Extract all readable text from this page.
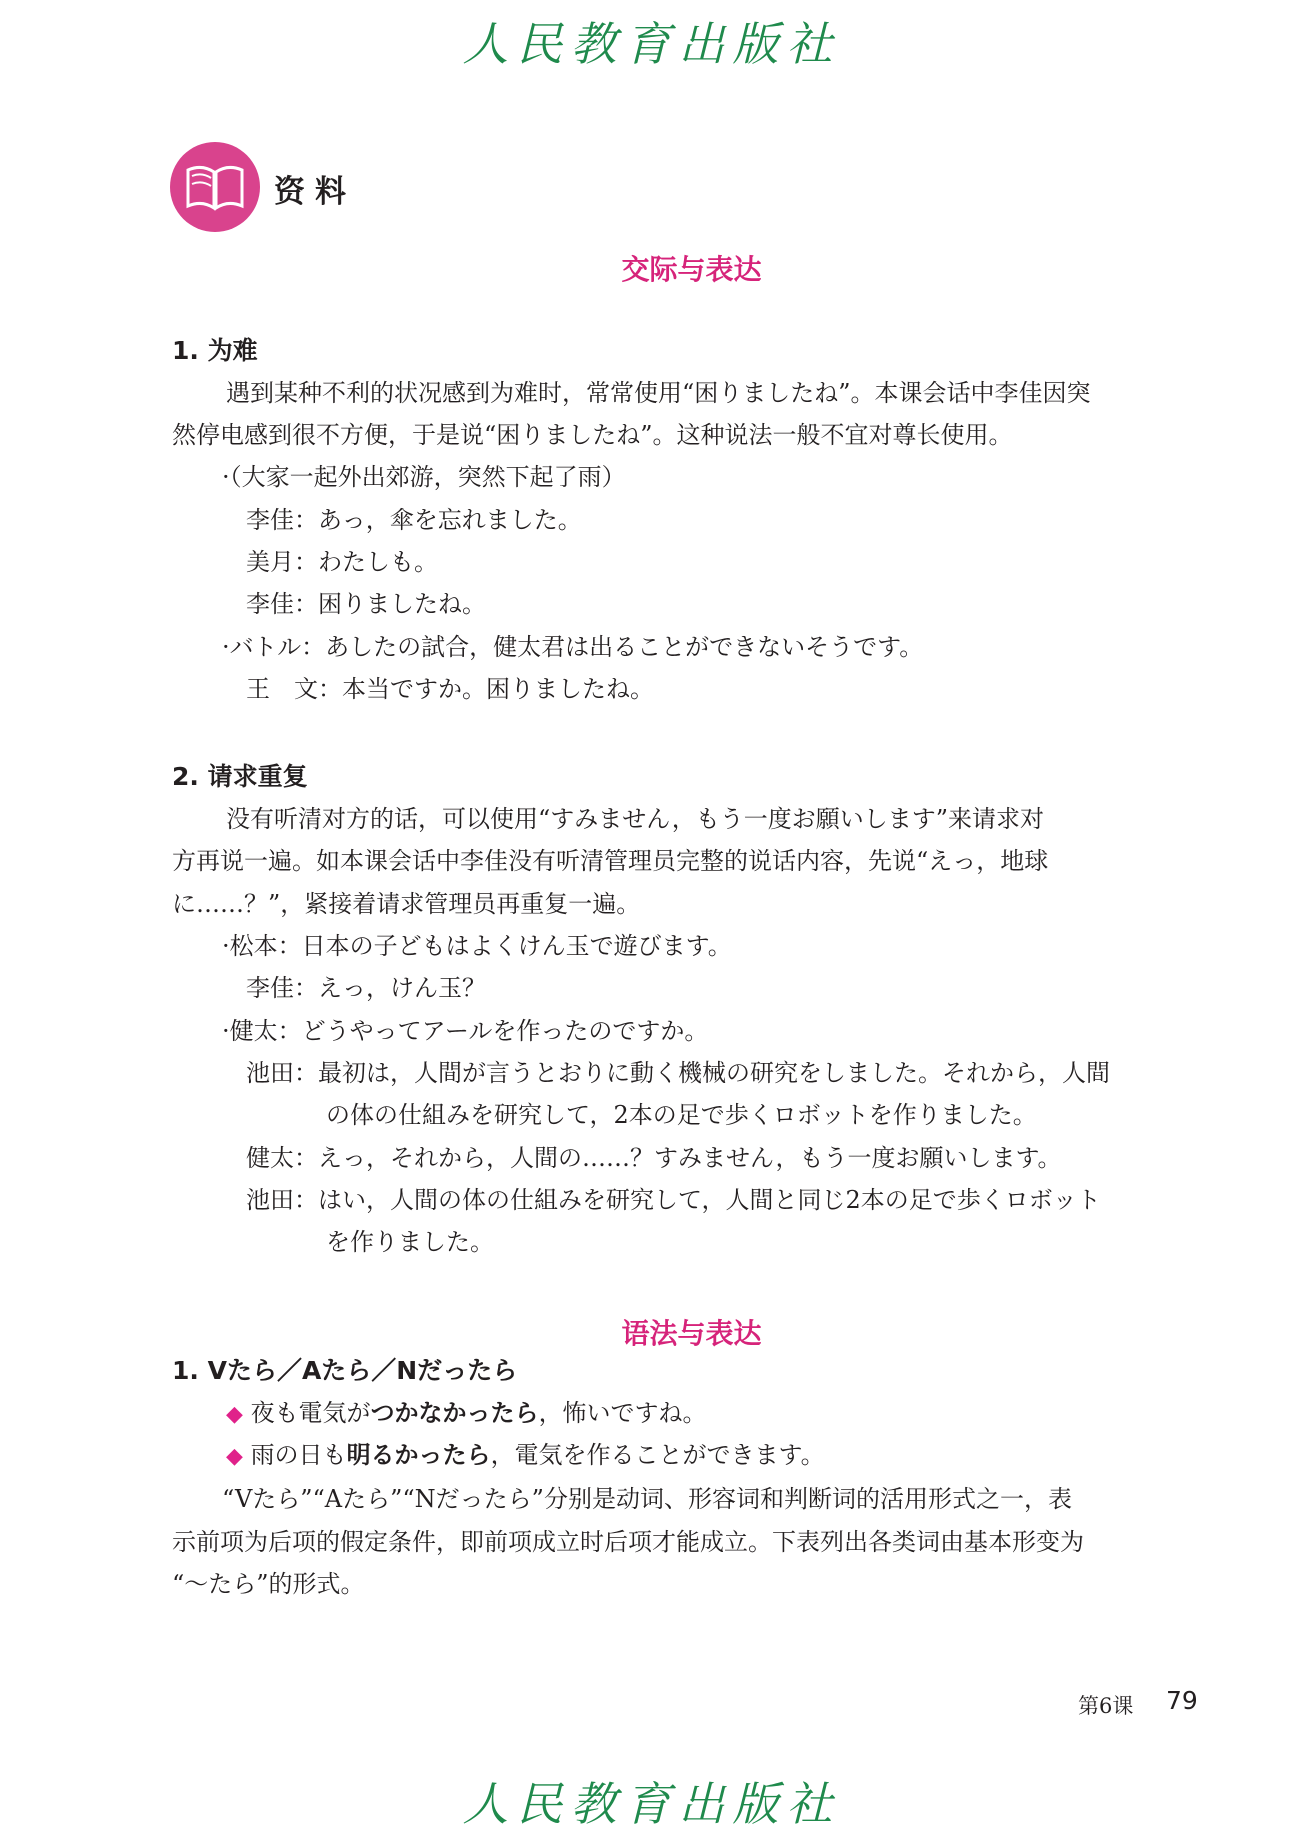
人民教育出版社
资料
交际与表达
1. 为难
遇到某种不利的状况感到为难时，常常使用“困りましたね”。本课会话中李佳因突
然停电感到很不方便，于是说“困りましたね”。这种说法一般不宜对尊长使用。
·（大家一起外出郊游，突然下起了雨）
李佳：あっ，傘を忘れました。
美月：わたしも。
李佳：困りましたね。
·バトル：あしたの試合，健太君は出ることができないそうです。
王　文：本当ですか。困りましたね。
2. 请求重复
没有听清对方的话，可以使用“すみません，もう一度お願いします”来请求对
方再说一遍。如本课会话中李佳没有听清管理员完整的说话内容，先说“えっ，地球
に……？”，紧接着请求管理员再重复一遍。
·松本：日本の子どもはよくけん玉で遊びます。
李佳：えっ，けん玉？
·健太：どうやってアールを作ったのですか。
池田：最初は，人間が言うとおりに動く機械の研究をしました。それから，人間
の体の仕組みを研究して，2本の足で歩くロボットを作りました。
健太：えっ，それから，人間の……？すみません，もう一度お願いします。
池田：はい，人間の体の仕組みを研究して，人間と同じ2本の足で歩くロボット
を作りました。
语法与表达
1. Vたら／Aたら／Nだったら
◆ 夜も電気がつかなかったら，怖いですね。
◆ 雨の日も明るかったら，電気を作ることができます。
“Vたら”“Aたら”“Nだったら”分别是动词、形容词和判断词的活用形式之一，表
示前项为后项的假定条件，即前项成立时后项才能成立。下表列出各类词由基本形变为
“～たら”的形式。
第6课 79
人民教育出版社
